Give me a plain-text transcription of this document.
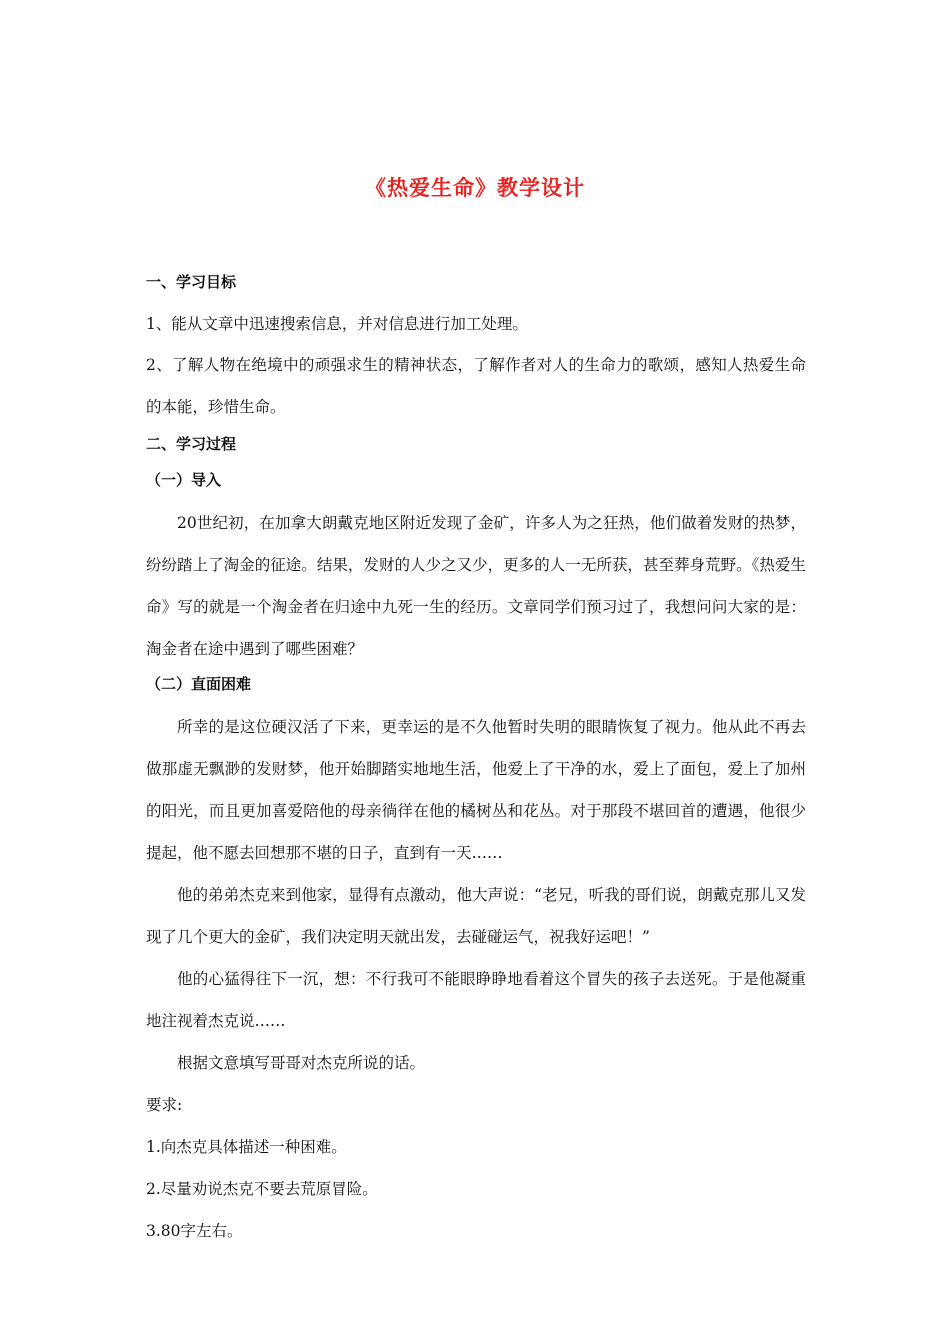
《热爱生命》教学设计
一、学习目标

1、能从文章中迅速搜索信息，并对信息进行加工处理。

2、了解人物在绝境中的顽强求生的精神状态，了解作者对人的生命力的歌颂，感知人热爱生命的本能，珍惜生命。

二、学习过程
（一）导入

20世纪初，在加拿大朗戴克地区附近发现了金矿，许多人为之狂热，他们做着发财的热梦，纷纷踏上了淘金的征途。结果，发财的人少之又少，更多的人一无所获，甚至葬身荒野。《热爱生命》写的就是一个淘金者在归途中九死一生的经历。文章同学们预习过了，我想问问大家的是：淘金者在途中遇到了哪些困难？

（二）直面困难

所幸的是这位硬汉活了下来，更幸运的是不久他暂时失明的眼睛恢复了视力。他从此不再去做那虚无飘渺的发财梦，他开始脚踏实地地生活，他爱上了干净的水，爱上了面包，爱上了加州的阳光，而且更加喜爱陪他的母亲徜徉在他的橘树丛和花丛。对于那段不堪回首的遭遇，他很少提起，他不愿去回想那不堪的日子，直到有一天……

他的弟弟杰克来到他家，显得有点激动，他大声说：“老兄，听我的哥们说，朗戴克那儿又发现了几个更大的金矿，我们决定明天就出发，去碰碰运气，祝我好运吧！”

他的心猛得往下一沉，想：不行我可不能眼睁睁地看着这个冒失的孩子去送死。于是他凝重地注视着杰克说……

根据文意填写哥哥对杰克所说的话。

要求:

1.向杰克具体描述一种困难。

2.尽量劝说杰克不要去荒原冒险。

3.80字左右。
